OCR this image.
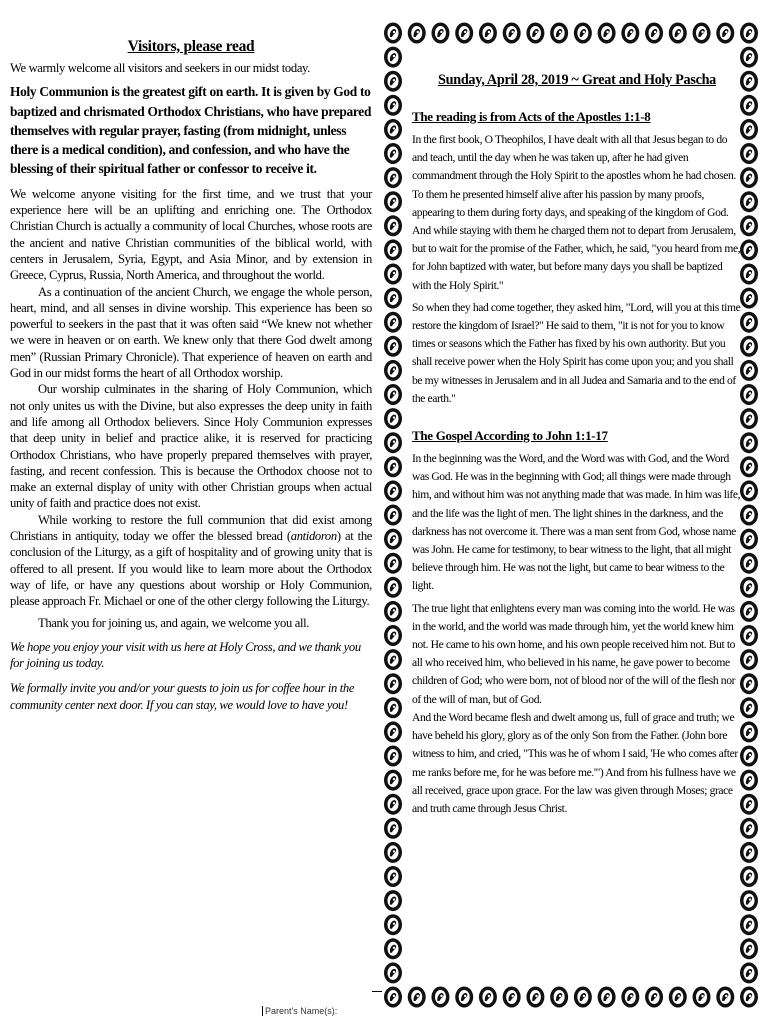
Visitors, please read

We warmly welcome all visitors and seekers in our midst today.

Holy Communion is the greatest gift on earth. It is given by God to baptized and chrismated Orthodox Christians, who have prepared themselves with regular prayer, fasting (from midnight, unless there is a medical condition), and confession, and who have the blessing of their spiritual father or confessor to receive it.

We welcome anyone visiting for the first time, and we trust that your experience here will be an uplifting and enriching one. The Orthodox Christian Church is actually a community of local Churches, whose roots are the ancient and native Christian communities of the biblical world, with centers in Jerusalem, Syria, Egypt, and Asia Minor, and by extension in Greece, Cyprus, Russia, North America, and throughout the world.

As a continuation of the ancient Church, we engage the whole person, heart, mind, and all senses in divine worship. This experience has been so powerful to seekers in the past that it was often said “We knew not whether we were in heaven or on earth. We knew only that there God dwelt among men” (Russian Primary Chronicle). That experience of heaven on earth and God in our midst forms the heart of all Orthodox worship.

Our worship culminates in the sharing of Holy Communion, which not only unites us with the Divine, but also expresses the deep unity in faith and life among all Orthodox believers. Since Holy Communion expresses that deep unity in belief and practice alike, it is reserved for practicing Orthodox Christians, who have properly prepared themselves with prayer, fasting, and recent confession. This is because the Orthodox choose not to make an external display of unity with other Christian groups when actual unity of faith and practice does not exist.

While working to restore the full communion that did exist among Christians in antiquity, today we offer the blessed bread (antidoron) at the conclusion of the Liturgy, as a gift of hospitality and of growing unity that is offered to all present. If you would like to learn more about the Orthodox way of life, or have any questions about worship or Holy Communion, please approach Fr. Michael or one of the other clergy following the Liturgy.

Thank you for joining us, and again, we welcome you all.

We hope you enjoy your visit with us here at Holy Cross, and we thank you for joining us today.

We formally invite you and/or your guests to join us for coffee hour in the community center next door. If you can stay, we would love to have you!

Sunday, April 28, 2019 ~ Great and Holy Pascha
The reading is from Acts of the Apostles 1:1-8

In the first book, O Theophilos, I have dealt with all that Jesus began to do and teach, until the day when he was taken up, after he had given commandment through the Holy Spirit to the apostles whom he had chosen. To them he presented himself alive after his passion by many proofs, appearing to them during forty days, and speaking of the kingdom of God. And while staying with them he charged them not to depart from Jerusalem, but to wait for the promise of the Father, which, he said, "you heard from me, for John baptized with water, but before many days you shall be baptized with the Holy Spirit."

So when they had come together, they asked him, "Lord, will you at this time restore the kingdom of Israel?" He said to them, "it is not for you to know times or seasons which the Father has fixed by his own authority. But you shall receive power when the Holy Spirit has come upon you; and you shall be my witnesses in Jerusalem and in all Judea and Samaria and to the end of the earth."

The Gospel According to John 1:1-17

In the beginning was the Word, and the Word was with God, and the Word was God. He was in the beginning with God; all things were made through him, and without him was not anything made that was made. In him was life, and the life was the light of men. The light shines in the darkness, and the darkness has not overcome it. There was a man sent from God, whose name was John. He came for testimony, to bear witness to the light, that all might believe through him. He was not the light, but came to bear witness to the light.

The true light that enlightens every man was coming into the world. He was in the world, and the world was made through him, yet the world knew him not. He came to his own home, and his own people received him not. But to all who received him, who believed in his name, he gave power to become children of God; who were born, not of blood nor of the will of the flesh nor of the will of man, but of God.

And the Word became flesh and dwelt among us, full of grace and truth; we have beheld his glory, glory as of the only Son from the Father. (John bore witness to him, and cried, "This was he of whom I said, 'He who comes after me ranks before me, for he was before me.'") And from his fullness have we all received, grace upon grace. For the law was given through Moses; grace and truth came through Jesus Christ.

Parent's Name(s):
